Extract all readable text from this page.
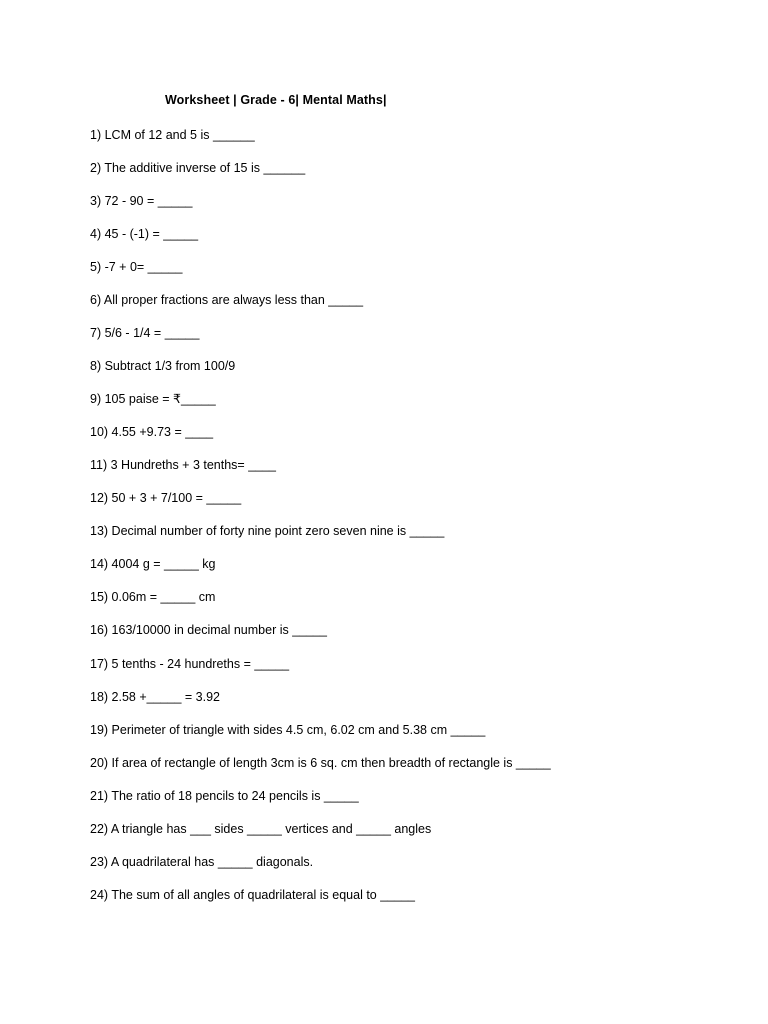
Worksheet | Grade - 6| Mental Maths|
1) LCM of 12 and 5 is ______
2) The additive inverse of 15 is ______
3) 72 - 90 = _____
4) 45 - (-1) = _____
5) -7 + 0= _____
6) All proper fractions are always less than _____
7) 5/6 - 1/4 = _____
8) Subtract 1/3 from 100/9
9) 105 paise = ₹_____
10) 4.55 +9.73 = ____
11) 3 Hundreths + 3 tenths= ____
12) 50 + 3 + 7/100 = _____
13) Decimal number of forty nine point zero seven nine is _____
14) 4004 g = _____ kg
15) 0.06m = _____ cm
16) 163/10000 in decimal number is _____
17) 5 tenths - 24 hundreths = _____
18) 2.58 +_____ = 3.92
19) Perimeter of triangle with sides 4.5 cm, 6.02 cm and 5.38 cm _____
20) If area of rectangle of length 3cm is 6 sq. cm then breadth of rectangle is _____
21) The ratio of 18 pencils to 24 pencils is _____
22) A triangle has ___ sides _____ vertices and _____ angles
23) A quadrilateral has _____ diagonals.
24) The sum of all angles of quadrilateral is equal to _____
